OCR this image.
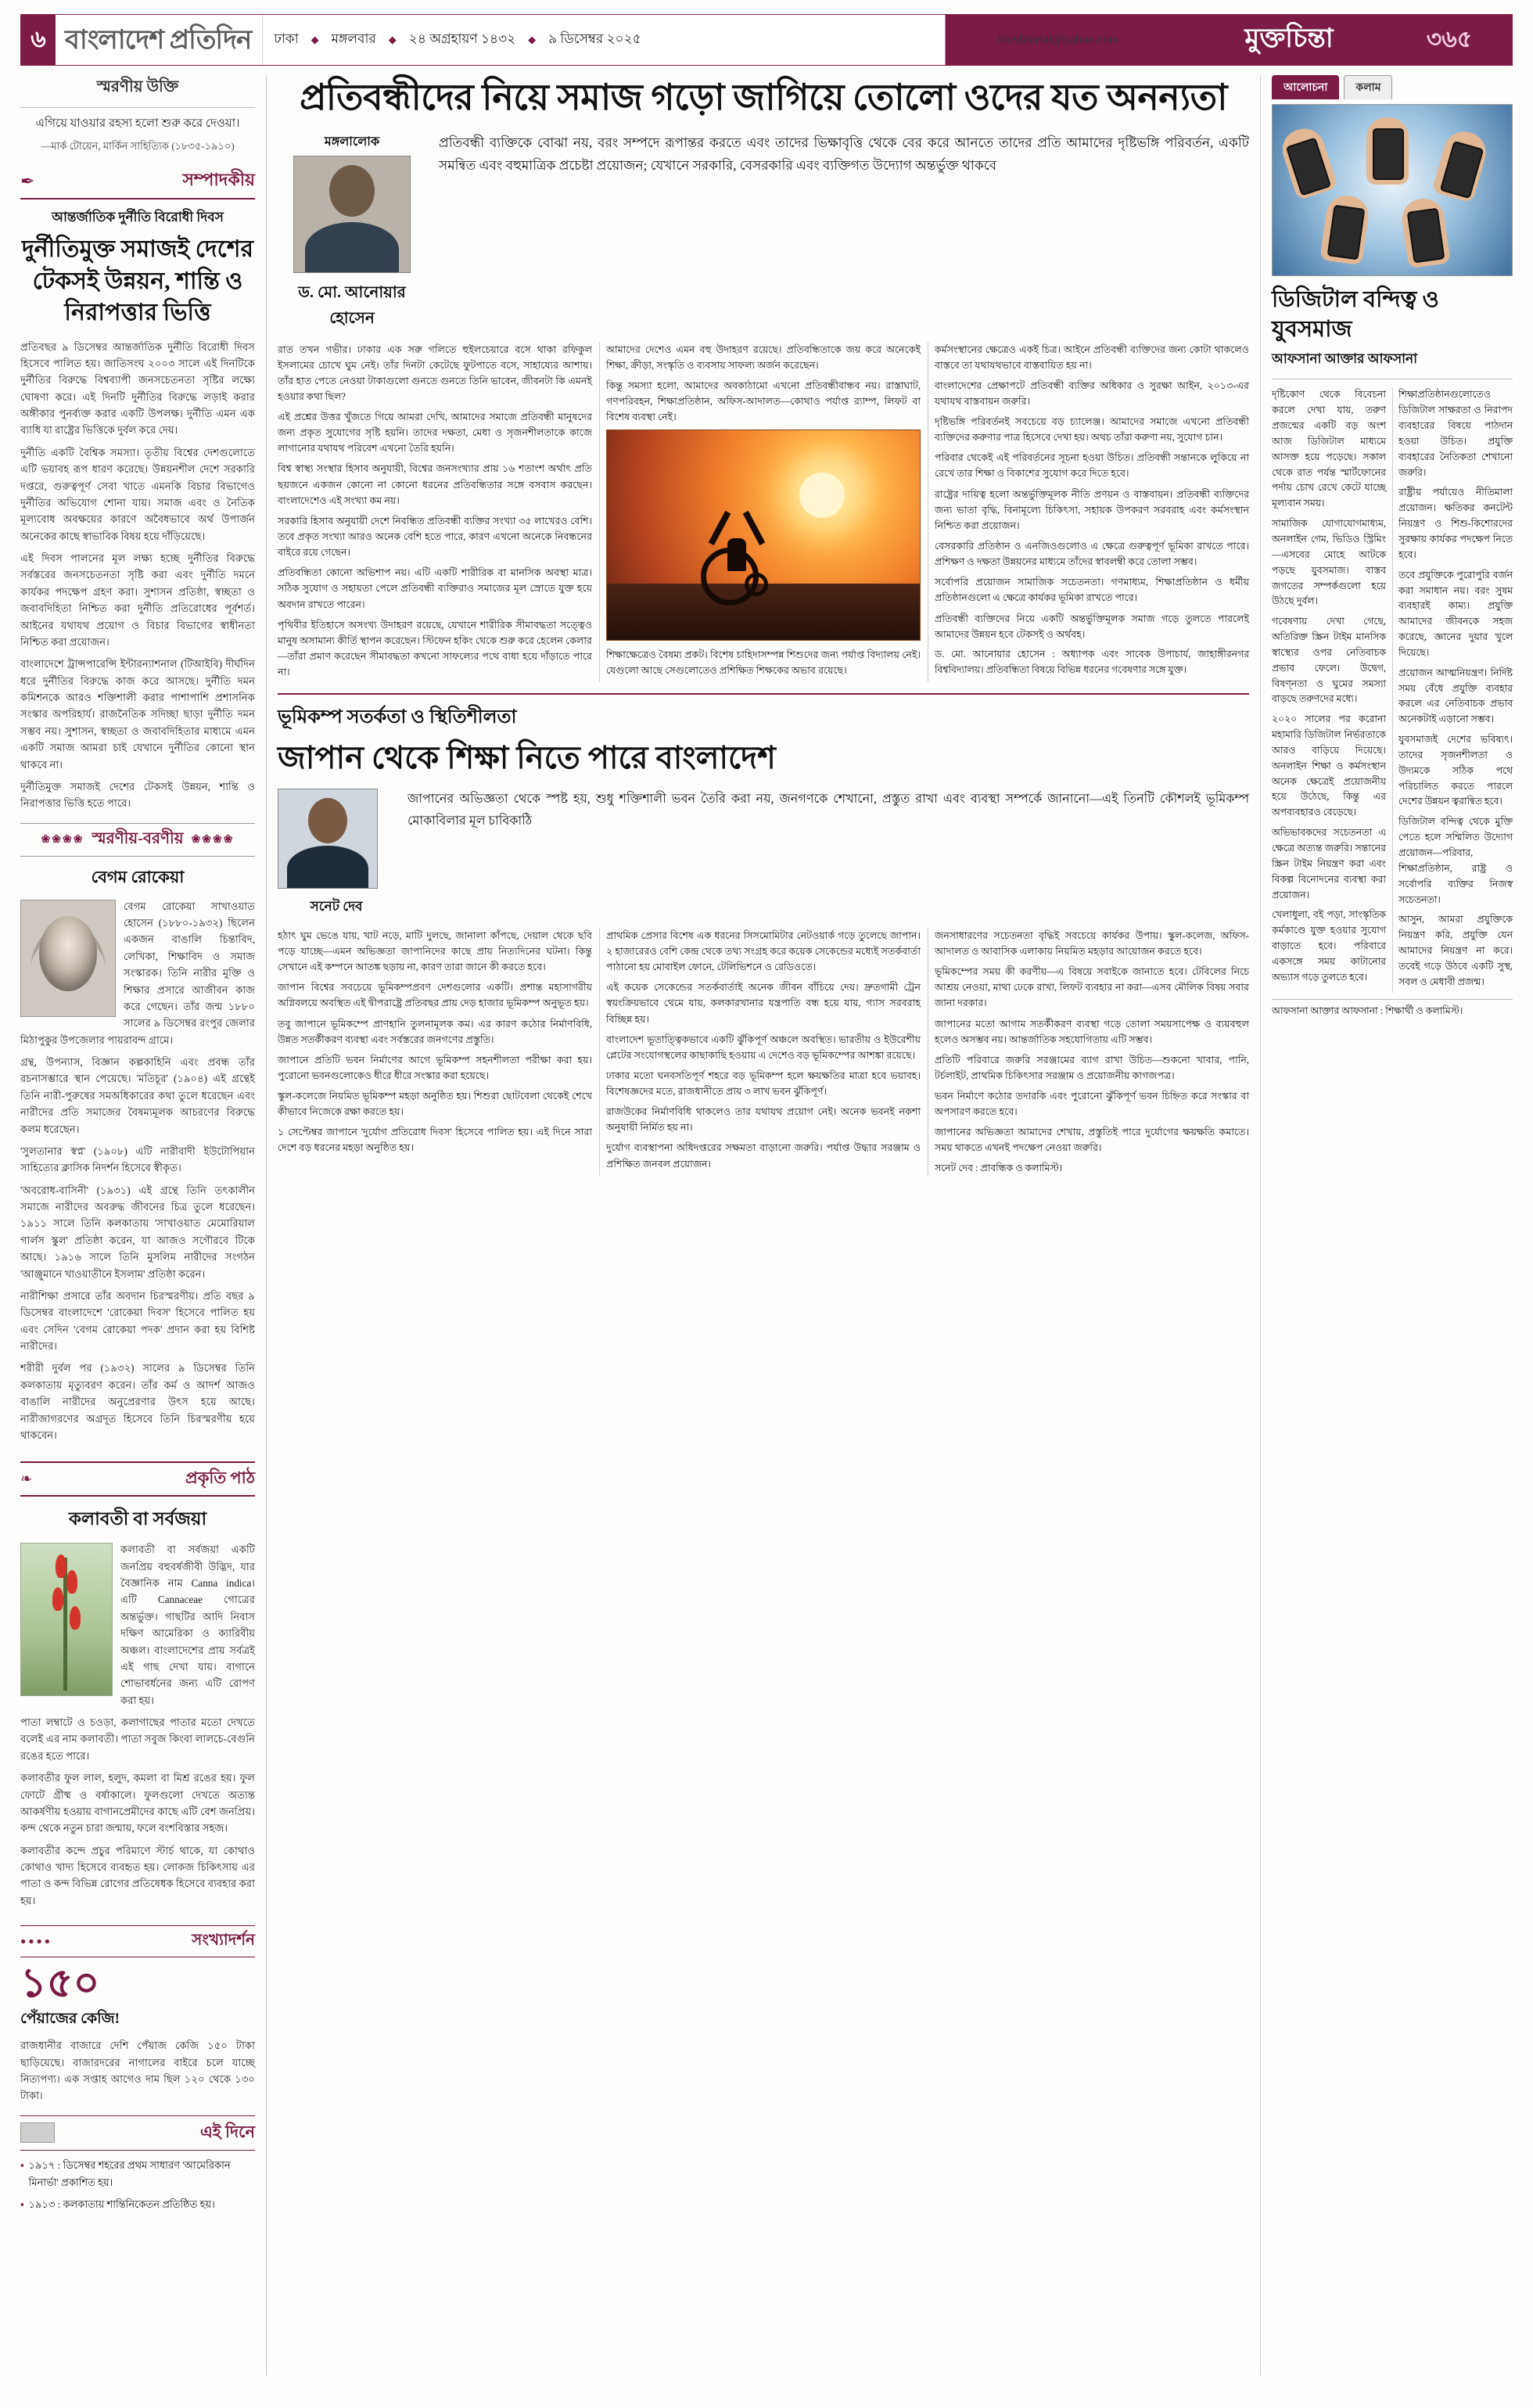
৬ বাংলাদেশ প্রতিদিন	ঢাকা ◆ মঙ্গলবার ◆ ২৪ অগ্রহায়ণ ১৪৩২ ◆ ৯ ডিসেম্বর ২০২৫	bkeditorial@yahoo.com	মুক্তচিন্তা	৩৬৫
স্মরণীয় উক্তি
এগিয়ে যাওয়ার রহস্য হলো শুরু করে দেওয়া।
—মার্ক টোয়েন, মার্কিন সাহিত্যিক (১৮৩৫-১৯১০)
✒	সম্পাদকীয়
আন্তর্জাতিক দুর্নীতি বিরোধী দিবস
দুর্নীতিমুক্ত সমাজই দেশের টেকসই উন্নয়ন, শান্তি ও নিরাপত্তার ভিত্তি

প্রতিবছর ৯ ডিসেম্বর আন্তর্জাতিক দুর্নীতি বিরোধী দিবস হিসেবে পালিত হয়। জাতিসংঘ ২০০৩ সালে এই দিনটিকে দুর্নীতির বিরুদ্ধে বিশ্বব্যাপী জনসচেতনতা সৃষ্টির লক্ষ্যে ঘোষণা করে। এই দিনটি দুর্নীতির বিরুদ্ধে লড়াই করার অঙ্গীকার পুনর্ব্যক্ত করার একটি উপলক্ষ। দুর্নীতি এমন এক ব্যাধি যা রাষ্ট্রের ভিত্তিকে দুর্বল করে দেয়।

দুর্নীতি একটি বৈশ্বিক সমস্যা। তৃতীয় বিশ্বের দেশগুলোতে এটি ভয়াবহ রূপ ধারণ করেছে। উন্নয়নশীল দেশে সরকারি দপ্তরে, গুরুত্বপূর্ণ সেবা খাতে এমনকি বিচার বিভাগেও দুর্নীতির অভিযোগ শোনা যায়। সমাজ এবং ও নৈতিক মূল্যবোধ অবক্ষয়ের কারণে অবৈধভাবে অর্থ উপার্জন অনেকের কাছে স্বাভাবিক বিষয় হয়ে দাঁড়িয়েছে।

এই দিবস পালনের মূল লক্ষ্য হচ্ছে দুর্নীতির বিরুদ্ধে সর্বস্তরের জনসচেতনতা সৃষ্টি করা এবং দুর্নীতি দমনে কার্যকর পদক্ষেপ গ্রহণ করা। সুশাসন প্রতিষ্ঠা, স্বচ্ছতা ও জবাবদিহিতা নিশ্চিত করা দুর্নীতি প্রতিরোধের পূর্বশর্ত। আইনের যথাযথ প্রয়োগ ও বিচার বিভাগের স্বাধীনতা নিশ্চিত করা প্রয়োজন।

বাংলাদেশে ট্রান্সপারেন্সি ইন্টারন্যাশনাল (টিআইবি) দীর্ঘদিন ধরে দুর্নীতির বিরুদ্ধে কাজ করে আসছে। দুর্নীতি দমন কমিশনকে আরও শক্তিশালী করার পাশাপাশি প্রশাসনিক সংস্কার অপরিহার্য। রাজনৈতিক সদিচ্ছা ছাড়া দুর্নীতি দমন সম্ভব নয়। সুশাসন, স্বচ্ছতা ও জবাবদিহিতার মাধ্যমে এমন একটি সমাজ আমরা চাই যেখানে দুর্নীতির কোনো স্থান থাকবে না।

দুর্নীতিমুক্ত সমাজই দেশের টেকসই উন্নয়ন, শান্তি ও নিরাপত্তার ভিত্তি হতে পারে।

❀❀❀❀ স্মরণীয়-বরণীয় ❀❀❀❀
বেগম রোকেয়া

বেগম রোকেয়া সাখাওয়াত হোসেন (১৮৮০-১৯৩২) ছিলেন একজন বাঙালি চিন্তাবিদ, লেখিকা, শিক্ষাবিদ ও সমাজ সংস্কারক। তিনি নারীর মুক্তি ও শিক্ষার প্রসারে আজীবন কাজ করে গেছেন। তাঁর জন্ম ১৮৮০ সালের ৯ ডিসেম্বর রংপুর জেলার মিঠাপুকুর উপজেলার পায়রাবন্দ গ্রামে।

গ্রন্থ, উপন্যাস, বিজ্ঞান কল্পকাহিনি এবং প্রবন্ধ তাঁর রচনাসম্ভারে স্থান পেয়েছে। 'মতিচূর' (১৯০৪) এই গ্রন্থেই তিনি নারী-পুরুষের সমঅধিকারের কথা তুলে ধরেছেন এবং নারীদের প্রতি সমাজের বৈষম্যমূলক আচরণের বিরুদ্ধে কলম ধরেছেন।

'সুলতানার স্বপ্ন' (১৯০৮) এটি নারীবাদী ইউটোপিয়ান সাহিত্যের ক্লাসিক নিদর্শন হিসেবে স্বীকৃত।

'অবরোধ-বাসিনী' (১৯৩১) এই গ্রন্থে তিনি তৎকালীন সমাজে নারীদের অবরুদ্ধ জীবনের চিত্র তুলে ধরেছেন। ১৯১১ সালে তিনি কলকাতায় 'সাখাওয়াত মেমোরিয়াল গার্লস স্কুল' প্রতিষ্ঠা করেন, যা আজও সগৌরবে টিকে আছে। ১৯১৬ সালে তিনি মুসলিম নারীদের সংগঠন 'আঞ্জুমানে খাওয়াতীনে ইসলাম' প্রতিষ্ঠা করেন।

নারীশিক্ষা প্রসারে তাঁর অবদান চিরস্মরণীয়। প্রতি বছর ৯ ডিসেম্বর বাংলাদেশে 'রোকেয়া দিবস' হিসেবে পালিত হয় এবং সেদিন 'বেগম রোকেয়া পদক' প্রদান করা হয় বিশিষ্ট নারীদের।

শরীরী দুর্বল পর (১৯৩২) সালের ৯ ডিসেম্বর তিনি কলকাতায় মৃত্যুবরণ করেন। তাঁর কর্ম ও আদর্শ আজও বাঙালি নারীদের অনুপ্রেরণার উৎস হয়ে আছে। নারীজাগরণের অগ্রদূত হিসেবে তিনি চিরস্মরণীয় হয়ে থাকবেন।

❧	প্রকৃতি পাঠ
কলাবতী বা সর্বজয়া

কলাবতী বা সর্বজয়া একটি জনপ্রিয় বহুবর্ষজীবী উদ্ভিদ, যার বৈজ্ঞানিক নাম Canna indica। এটি Cannaceae গোত্রের অন্তর্ভুক্ত। গাছটির আদি নিবাস দক্ষিণ আমেরিকা ও ক্যারিবীয় অঞ্চল। বাংলাদেশের প্রায় সর্বত্রই এই গাছ দেখা যায়। বাগানে শোভাবর্ধনের জন্য এটি রোপণ করা হয়।

পাতা লম্বাটে ও চওড়া, কলাগাছের পাতার মতো দেখতে বলেই এর নাম কলাবতী। পাতা সবুজ কিংবা লালচে-বেগুনি রঙের হতে পারে।

কলাবতীর ফুল লাল, হলুদ, কমলা বা মিশ্র রঙের হয়। ফুল ফোটে গ্রীষ্ম ও বর্ষাকালে। ফুলগুলো দেখতে অত্যন্ত আকর্ষণীয় হওয়ায় বাগানপ্রেমীদের কাছে এটি বেশ জনপ্রিয়। কন্দ থেকে নতুন চারা জন্মায়, ফলে বংশবিস্তার সহজ।

কলাবতীর কন্দে প্রচুর পরিমাণে স্টার্চ থাকে, যা কোথাও কোথাও খাদ্য হিসেবে ব্যবহৃত হয়। লোকজ চিকিৎসায় এর পাতা ও কন্দ বিভিন্ন রোগের প্রতিষেধক হিসেবে ব্যবহার করা হয়।

●●●●	সংখ্যাদর্শন
১৫০
পেঁয়াজের কেজি!

রাজধানীর বাজারে দেশি পেঁয়াজ কেজি ১৫০ টাকা ছাড়িয়েছে। বাজারদরের নাগালের বাইরে চলে যাচ্ছে নিত্যপণ্য। এক সপ্তাহ আগেও দাম ছিল ১২০ থেকে ১৩০ টাকা।

এই দিনে
▪ ১৯১৭ : ডিসেম্বর শহরের প্রথম সাধারণ 'আমেরিকান মিনার্ভা' প্রকাশিত হয়।
▪ ১৯১৩ : কলকাতায় শান্তিনিকেতন প্রতিষ্ঠিত হয়।
প্রতিবন্ধীদের নিয়ে সমাজ গড়ো জাগিয়ে তোলো ওদের যত অনন্যতা
মঙ্গলালোক
ড. মো. আনোয়ার হোসেন
প্রতিবন্ধী ব্যক্তিকে বোঝা নয়, বরং সম্পদে রূপান্তর করতে এবং তাদের ভিক্ষাবৃত্তি থেকে বের করে আনতে তাদের প্রতি আমাদের দৃষ্টিভঙ্গি পরিবর্তন, একটি সমন্বিত এবং বহুমাত্রিক প্রচেষ্টা প্রয়োজন; যেখানে সরকারি, বেসরকারি এবং ব্যক্তিগত উদ্যোগ অন্তর্ভুক্ত থাকবে

রাত তখন গভীর। ঢাকার এক সরু গলিতে হুইলচেয়ারে বসে থাকা রফিকুল ইসলামের চোখে ঘুম নেই। তাঁর দিনটা কেটেছে ফুটপাতে বসে, সাহায্যের আশায়। তাঁর হাত পেতে নেওয়া টাকাগুলো গুনতে গুনতে তিনি ভাবেন, জীবনটা কি এমনই হওয়ার কথা ছিল?

এই প্রশ্নের উত্তর খুঁজতে গিয়ে আমরা দেখি, আমাদের সমাজে প্রতিবন্ধী মানুষদের জন্য প্রকৃত সুযোগের সৃষ্টি হয়নি। তাদের দক্ষতা, মেধা ও সৃজনশীলতাকে কাজে লাগানোর যথাযথ পরিবেশ এখনো তৈরি হয়নি।

বিশ্ব স্বাস্থ্য সংস্থার হিসাব অনুযায়ী, বিশ্বের জনসংখ্যার প্রায় ১৬ শতাংশ অর্থাৎ প্রতি ছয়জনে একজন কোনো না কোনো ধরনের প্রতিবন্ধিতার সঙ্গে বসবাস করছেন। বাংলাদেশেও এই সংখ্যা কম নয়।

সরকারি হিসাব অনুযায়ী দেশে নিবন্ধিত প্রতিবন্ধী ব্যক্তির সংখ্যা ৩৫ লাখেরও বেশি। তবে প্রকৃত সংখ্যা আরও অনেক বেশি হতে পারে, কারণ এখনো অনেকে নিবন্ধনের বাইরে রয়ে গেছেন।

প্রতিবন্ধিতা কোনো অভিশাপ নয়। এটি একটি শারীরিক বা মানসিক অবস্থা মাত্র। সঠিক সুযোগ ও সহায়তা পেলে প্রতিবন্ধী ব্যক্তিরাও সমাজের মূল স্রোতে যুক্ত হয়ে অবদান রাখতে পারেন।

পৃথিবীর ইতিহাসে অসংখ্য উদাহরণ রয়েছে, যেখানে শারীরিক সীমাবদ্ধতা সত্ত্বেও মানুষ অসামান্য কীর্তি স্থাপন করেছেন। স্টিফেন হকিং থেকে শুরু করে হেলেন কেলার—তাঁরা প্রমাণ করেছেন সীমাবদ্ধতা কখনো সাফল্যের পথে বাধা হয়ে দাঁড়াতে পারে না।

আমাদের দেশেও এমন বহু উদাহরণ রয়েছে। প্রতিবন্ধিতাকে জয় করে অনেকেই শিক্ষা, ক্রীড়া, সংস্কৃতি ও ব্যবসায় সাফল্য অর্জন করেছেন।

কিন্তু সমস্যা হলো, আমাদের অবকাঠামো এখনো প্রতিবন্ধীবান্ধব নয়। রাস্তাঘাট, গণপরিবহন, শিক্ষাপ্রতিষ্ঠান, অফিস-আদালত—কোথাও পর্যাপ্ত র‌্যাম্প, লিফট বা বিশেষ ব্যবস্থা নেই।

শিক্ষাক্ষেত্রেও বৈষম্য প্রকট। বিশেষ চাহিদাসম্পন্ন শিশুদের জন্য পর্যাপ্ত বিদ্যালয় নেই। যেগুলো আছে সেগুলোতেও প্রশিক্ষিত শিক্ষকের অভাব রয়েছে।

কর্মসংস্থানের ক্ষেত্রেও একই চিত্র। আইনে প্রতিবন্ধী ব্যক্তিদের জন্য কোটা থাকলেও বাস্তবে তা যথাযথভাবে বাস্তবায়িত হয় না।

বাংলাদেশের প্রেক্ষাপটে প্রতিবন্ধী ব্যক্তির অধিকার ও সুরক্ষা আইন, ২০১৩-এর যথাযথ বাস্তবায়ন জরুরি।

দৃষ্টিভঙ্গি পরিবর্তনই সবচেয়ে বড় চ্যালেঞ্জ। আমাদের সমাজে এখনো প্রতিবন্ধী ব্যক্তিদের করুণার পাত্র হিসেবে দেখা হয়। অথচ তাঁরা করুণা নয়, সুযোগ চান।

পরিবার থেকেই এই পরিবর্তনের সূচনা হওয়া উচিত। প্রতিবন্ধী সন্তানকে লুকিয়ে না রেখে তার শিক্ষা ও বিকাশের সুযোগ করে দিতে হবে।

রাষ্ট্রের দায়িত্ব হলো অন্তর্ভুক্তিমূলক নীতি প্রণয়ন ও বাস্তবায়ন। প্রতিবন্ধী ব্যক্তিদের জন্য ভাতা বৃদ্ধি, বিনামূল্যে চিকিৎসা, সহায়ক উপকরণ সরবরাহ এবং কর্মসংস্থান নিশ্চিত করা প্রয়োজন।

বেসরকারি প্রতিষ্ঠান ও এনজিওগুলোও এ ক্ষেত্রে গুরুত্বপূর্ণ ভূমিকা রাখতে পারে। প্রশিক্ষণ ও দক্ষতা উন্নয়নের মাধ্যমে তাঁদের স্বাবলম্বী করে তোলা সম্ভব।

সর্বোপরি প্রয়োজন সামাজিক সচেতনতা। গণমাধ্যম, শিক্ষাপ্রতিষ্ঠান ও ধর্মীয় প্রতিষ্ঠানগুলো এ ক্ষেত্রে কার্যকর ভূমিকা রাখতে পারে।

প্রতিবন্ধী ব্যক্তিদের নিয়ে একটি অন্তর্ভুক্তিমূলক সমাজ গড়ে তুলতে পারলেই আমাদের উন্নয়ন হবে টেকসই ও অর্থবহ।

ড. মো. আনোয়ার হোসেন : অধ্যাপক এবং সাবেক উপাচার্য, জাহাঙ্গীরনগর বিশ্ববিদ্যালয়। প্রতিবন্ধিতা বিষয়ে বিভিন্ন ধরনের গবেষণার সঙ্গে যুক্ত।
ভূমিকম্প সতর্কতা ও স্থিতিশীলতা
জাপান থেকে শিক্ষা নিতে পারে বাংলাদেশ
সনেট দেব
জাপানের অভিজ্ঞতা থেকে স্পষ্ট হয়, শুধু শক্তিশালী ভবন তৈরি করা নয়, জনগণকে শেখানো, প্রস্তুত রাখা এবং ব্যবস্থা সম্পর্কে জানানো—এই তিনটি কৌশলই ভূমিকম্প মোকাবিলার মূল চাবিকাঠি

হঠাৎ ঘুম ভেঙে যায়, খাট নড়ে, মাটি দুলছে, জানালা কাঁপছে, দেয়াল থেকে ছবি পড়ে যাচ্ছে—এমন অভিজ্ঞতা জাপানিদের কাছে প্রায় নিত্যদিনের ঘটনা। কিন্তু সেখানে এই কম্পনে আতঙ্ক ছড়ায় না, কারণ তারা জানে কী করতে হবে।

জাপান বিশ্বের সবচেয়ে ভূমিকম্পপ্রবণ দেশগুলোর একটি। প্রশান্ত মহাসাগরীয় অগ্নিবলয়ে অবস্থিত এই দ্বীপরাষ্ট্রে প্রতিবছর প্রায় দেড় হাজার ভূমিকম্প অনুভূত হয়।

তবু জাপানে ভূমিকম্পে প্রাণহানি তুলনামূলক কম। এর কারণ কঠোর নির্মাণবিধি, উন্নত সতর্কীকরণ ব্যবস্থা এবং সর্বস্তরের জনগণের প্রস্তুতি।

জাপানে প্রতিটি ভবন নির্মাণের আগে ভূমিকম্প সহনশীলতা পরীক্ষা করা হয়। পুরোনো ভবনগুলোকেও ধীরে ধীরে সংস্কার করা হয়েছে।

স্কুল-কলেজে নিয়মিত ভূমিকম্প মহড়া অনুষ্ঠিত হয়। শিশুরা ছোটবেলা থেকেই শেখে কীভাবে নিজেকে রক্ষা করতে হয়।

১ সেপ্টেম্বর জাপানে 'দুর্যোগ প্রতিরোধ দিবস' হিসেবে পালিত হয়। এই দিনে সারা দেশে বড় ধরনের মহড়া অনুষ্ঠিত হয়।

প্রাথমিক প্রেসার বিশেষ এক ধরনের সিসমোমিটার নেটওয়ার্ক গড়ে তুলেছে জাপান। ২ হাজারেরও বেশি কেন্দ্র থেকে তথ্য সংগ্রহ করে কয়েক সেকেন্ডের মধ্যেই সতর্কবার্তা পাঠানো হয় মোবাইল ফোনে, টেলিভিশনে ও রেডিওতে।

এই কয়েক সেকেন্ডের সতর্কবার্তাই অনেক জীবন বাঁচিয়ে দেয়। দ্রুতগামী ট্রেন স্বয়ংক্রিয়ভাবে থেমে যায়, কলকারখানার যন্ত্রপাতি বন্ধ হয়ে যায়, গ্যাস সরবরাহ বিচ্ছিন্ন হয়।

বাংলাদেশ ভূতাত্ত্বিকভাবে একটি ঝুঁকিপূর্ণ অঞ্চলে অবস্থিত। ভারতীয় ও ইউরেশীয় প্লেটের সংযোগস্থলের কাছাকাছি হওয়ায় এ দেশেও বড় ভূমিকম্পের আশঙ্কা রয়েছে।

ঢাকার মতো ঘনবসতিপূর্ণ শহরে বড় ভূমিকম্প হলে ক্ষয়ক্ষতির মাত্রা হবে ভয়াবহ। বিশেষজ্ঞদের মতে, রাজধানীতে প্রায় ৩ লাখ ভবন ঝুঁকিপূর্ণ।

রাজউকের নির্মাণবিধি থাকলেও তার যথাযথ প্রয়োগ নেই। অনেক ভবনই নকশা অনুযায়ী নির্মিত হয় না।

দুর্যোগ ব্যবস্থাপনা অধিদপ্তরের সক্ষমতা বাড়ানো জরুরি। পর্যাপ্ত উদ্ধার সরঞ্জাম ও প্রশিক্ষিত জনবল প্রয়োজন।

জনসাধারণের সচেতনতা বৃদ্ধিই সবচেয়ে কার্যকর উপায়। স্কুল-কলেজ, অফিস-আদালত ও আবাসিক এলাকায় নিয়মিত মহড়ার আয়োজন করতে হবে।

ভূমিকম্পের সময় কী করণীয়—এ বিষয়ে সবাইকে জানাতে হবে। টেবিলের নিচে আশ্রয় নেওয়া, মাথা ঢেকে রাখা, লিফট ব্যবহার না করা—এসব মৌলিক বিষয় সবার জানা দরকার।

জাপানের মতো আগাম সতর্কীকরণ ব্যবস্থা গড়ে তোলা সময়সাপেক্ষ ও ব্যয়বহুল হলেও অসম্ভব নয়। আন্তর্জাতিক সহযোগিতায় এটি সম্ভব।

প্রতিটি পরিবারে জরুরি সরঞ্জামের ব্যাগ রাখা উচিত—শুকনো খাবার, পানি, টর্চলাইট, প্রাথমিক চিকিৎসার সরঞ্জাম ও প্রয়োজনীয় কাগজপত্র।

ভবন নির্মাণে কঠোর তদারকি এবং পুরোনো ঝুঁকিপূর্ণ ভবন চিহ্নিত করে সংস্কার বা অপসারণ করতে হবে।

জাপানের অভিজ্ঞতা আমাদের শেখায়, প্রস্তুতিই পারে দুর্যোগের ক্ষয়ক্ষতি কমাতে। সময় থাকতে এখনই পদক্ষেপ নেওয়া জরুরি।

সনেট দেব : প্রাবন্ধিক ও কলামিস্ট।
আলোচনা	কলাম
ডিজিটাল বন্দিত্ব ও যুবসমাজ
আফসানা আক্তার আফসানা

দৃষ্টিকোণ থেকে বিবেচনা করলে দেখা যায়, তরুণ প্রজন্মের একটি বড় অংশ আজ ডিজিটাল মাধ্যমে আসক্ত হয়ে পড়েছে। সকাল থেকে রাত পর্যন্ত স্মার্টফোনের পর্দায় চোখ রেখে কেটে যাচ্ছে মূল্যবান সময়।

সামাজিক যোগাযোগমাধ্যম, অনলাইন গেম, ভিডিও স্ট্রিমিং—এসবের মোহে আটকে পড়ছে যুবসমাজ। বাস্তব জগতের সম্পর্কগুলো হয়ে উঠছে দুর্বল।

গবেষণায় দেখা গেছে, অতিরিক্ত স্ক্রিন টাইম মানসিক স্বাস্থ্যের ওপর নেতিবাচক প্রভাব ফেলে। উদ্বেগ, বিষণ্নতা ও ঘুমের সমস্যা বাড়ছে তরুণদের মধ্যে।

২০২০ সালের পর করোনা মহামারি ডিজিটাল নির্ভরতাকে আরও বাড়িয়ে দিয়েছে। অনলাইন শিক্ষা ও কর্মসংস্থান অনেক ক্ষেত্রেই প্রয়োজনীয় হয়ে উঠেছে, কিন্তু এর অপব্যবহারও বেড়েছে।

অভিভাবকদের সচেতনতা এ ক্ষেত্রে অত্যন্ত জরুরি। সন্তানের স্ক্রিন টাইম নিয়ন্ত্রণ করা এবং বিকল্প বিনোদনের ব্যবস্থা করা প্রয়োজন।

খেলাধুলা, বই পড়া, সাংস্কৃতিক কর্মকাণ্ডে যুক্ত হওয়ার সুযোগ বাড়াতে হবে। পরিবারে একসঙ্গে সময় কাটানোর অভ্যাস গড়ে তুলতে হবে।

শিক্ষাপ্রতিষ্ঠানগুলোতেও ডিজিটাল সাক্ষরতা ও নিরাপদ ব্যবহারের বিষয়ে পাঠদান হওয়া উচিত। প্রযুক্তি ব্যবহারের নৈতিকতা শেখানো জরুরি।

রাষ্ট্রীয় পর্যায়েও নীতিমালা প্রয়োজন। ক্ষতিকর কনটেন্ট নিয়ন্ত্রণ ও শিশু-কিশোরদের সুরক্ষায় কার্যকর পদক্ষেপ নিতে হবে।

তবে প্রযুক্তিকে পুরোপুরি বর্জন করা সমাধান নয়। বরং সুষম ব্যবহারই কাম্য। প্রযুক্তি আমাদের জীবনকে সহজ করেছে, জ্ঞানের দুয়ার খুলে দিয়েছে।

প্রয়োজন আত্মনিয়ন্ত্রণ। নির্দিষ্ট সময় বেঁধে প্রযুক্তি ব্যবহার করলে এর নেতিবাচক প্রভাব অনেকটাই এড়ানো সম্ভব।

যুবসমাজই দেশের ভবিষ্যৎ। তাদের সৃজনশীলতা ও উদ্যমকে সঠিক পথে পরিচালিত করতে পারলে দেশের উন্নয়ন ত্বরান্বিত হবে।

ডিজিটাল বন্দিত্ব থেকে মুক্তি পেতে হলে সম্মিলিত উদ্যোগ প্রয়োজন—পরিবার, শিক্ষাপ্রতিষ্ঠান, রাষ্ট্র ও সর্বোপরি ব্যক্তির নিজস্ব সচেতনতা।

আসুন, আমরা প্রযুক্তিকে নিয়ন্ত্রণ করি, প্রযুক্তি যেন আমাদের নিয়ন্ত্রণ না করে। তবেই গড়ে উঠবে একটি সুস্থ, সবল ও মেধাবী প্রজন্ম।

আফসানা আক্তার আফসানা : শিক্ষার্থী ও কলামিস্ট।
